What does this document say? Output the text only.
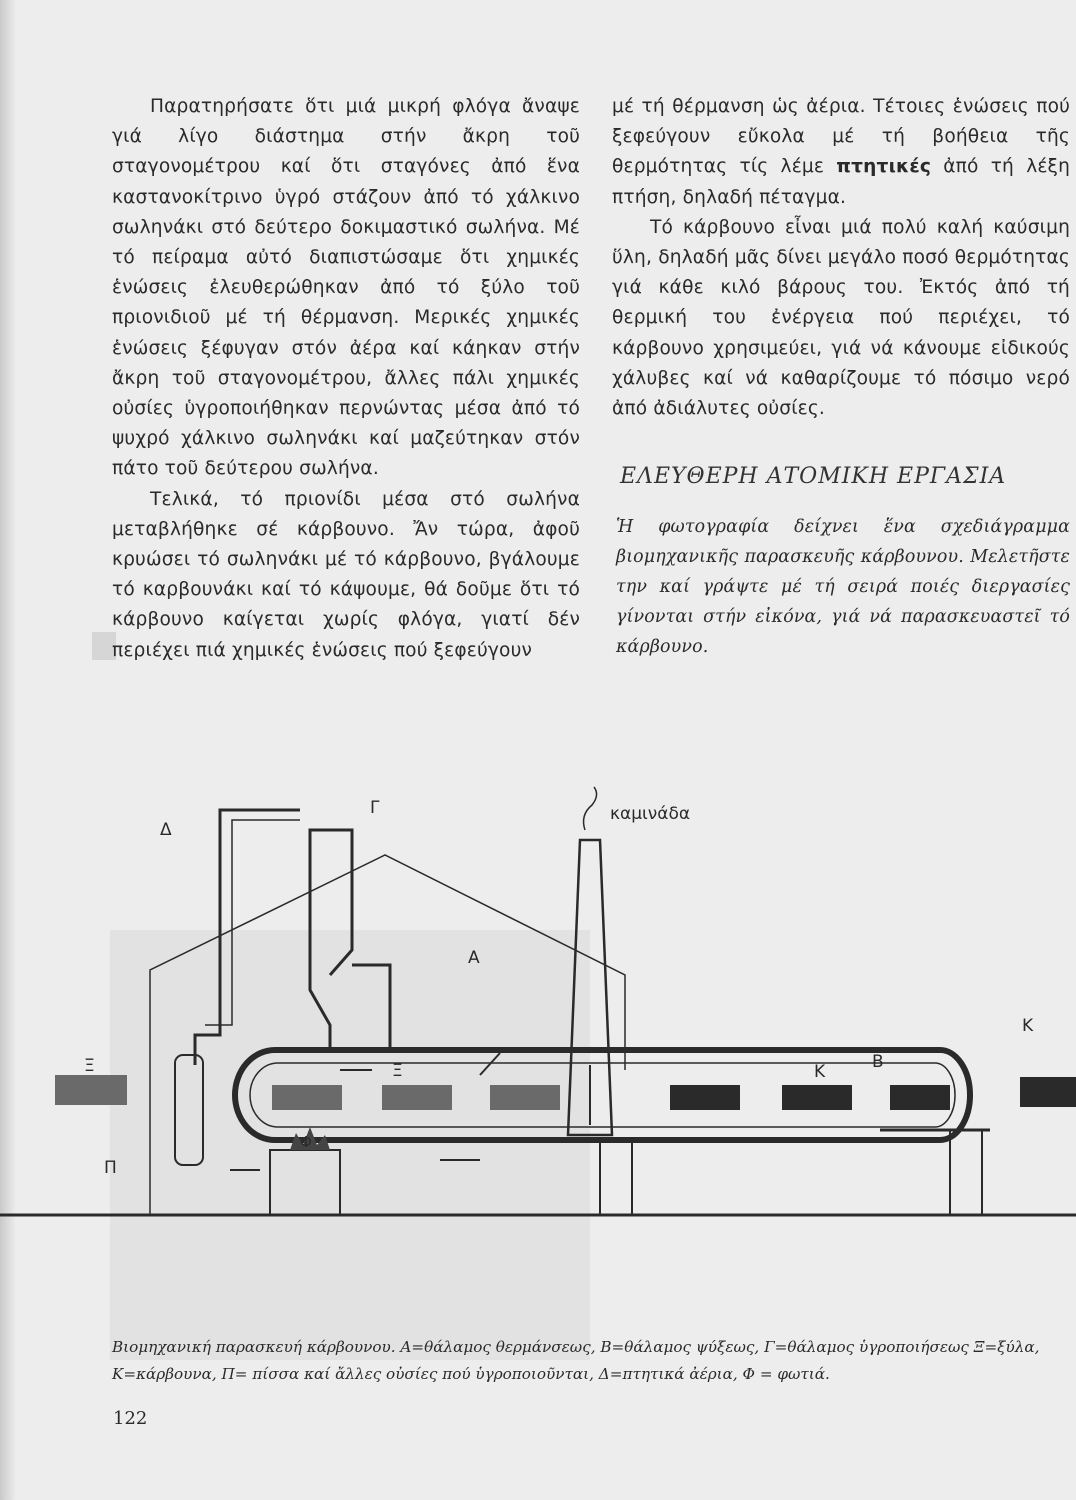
Παρατηρήσατε ὅτι μιά μικρή φλόγα ἄναψε γιά λίγο διάστημα στήν ἄκρη τοῦ σταγονομέτρου καί ὅτι σταγόνες ἀπό ἕνα καστανοκίτρινο ὑγρό στάζουν ἀπό τό χάλκινο σωληνάκι στό δεύτερο δοκιμαστικό σωλήνα. Μέ τό πείραμα αὐτό διαπιστώσαμε ὅτι χημικές ἑνώσεις ἐλευθερώθηκαν ἀπό τό ξύλο τοῦ πριονιδιοῦ μέ τή θέρμανση. Μερικές χημικές ἑνώσεις ξέφυγαν στόν ἀέρα καί κάηκαν στήν ἄκρη τοῦ σταγονομέτρου, ἄλλες πάλι χημικές οὐσίες ὑγροποιήθηκαν περνώντας μέσα ἀπό τό ψυχρό χάλκινο σωληνάκι καί μαζεύτηκαν στόν πάτο τοῦ δεύτερου σωλήνα.

Τελικά, τό πριονίδι μέσα στό σωλήνα μεταβλήθηκε σέ κάρβουνο. Ἄν τώρα, ἀφοῦ κρυώσει τό σωληνάκι μέ τό κάρβουνο, βγάλουμε τό καρβουνάκι καί τό κάψουμε, θά δοῦμε ὅτι τό κάρβουνο καίγεται χωρίς φλόγα, γιατί δέν περιέχει πιά χημικές ἑνώσεις πού ξεφεύγουν

μέ τή θέρμανση ὡς ἀέρια. Τέτοιες ἑνώσεις πού ξεφεύγουν εὔκολα μέ τή βοήθεια τῆς θερμότητας τίς λέμε πτητικές ἀπό τή λέξη πτήση, δηλαδή πέταγμα.

Τό κάρβουνο εἶναι μιά πολύ καλή καύσιμη ὕλη, δηλαδή μᾶς δίνει μεγάλο ποσό θερμότητας γιά κάθε κιλό βάρους του. Ἐκτός ἀπό τή θερμική του ἐνέργεια πού περιέχει, τό κάρβουνο χρησιμεύει, γιά νά κάνουμε εἰδικούς χάλυβες καί νά καθαρίζουμε τό πόσιμο νερό ἀπό ἀδιάλυτες οὐσίες.

ΕΛΕΥΘΕΡΗ ΑΤΟΜΙΚΗ ΕΡΓΑΣΙΑ
Ἡ φωτογραφία δείχνει ἕνα σχεδιάγραμμα βιομηχανικῆς παρασκευῆς κάρβουνου. Μελετῆστε την καί γράψτε μέ τή σειρά ποιές διεργασίες γίνονται στήν εἰκόνα, γιά νά παρασκευαστεῖ τό κάρβουνο.
καμινάδα
Δ
Γ
Α
Β
Κ
Κ
Ξ	Ξ
Π
Φ
Βιομηχανική παρασκευή κάρβουνου. Α=θάλαμος θερμάνσεως, Β=θάλαμος ψύξεως, Γ=θάλαμος ὑγροποιήσεως Ξ=ξύλα, Κ=κάρβουνα, Π= πίσσα καί ἄλλες οὐσίες πού ὑγροποιοῦνται, Δ=πτητικά ἀέρια, Φ = φωτιά.
122
